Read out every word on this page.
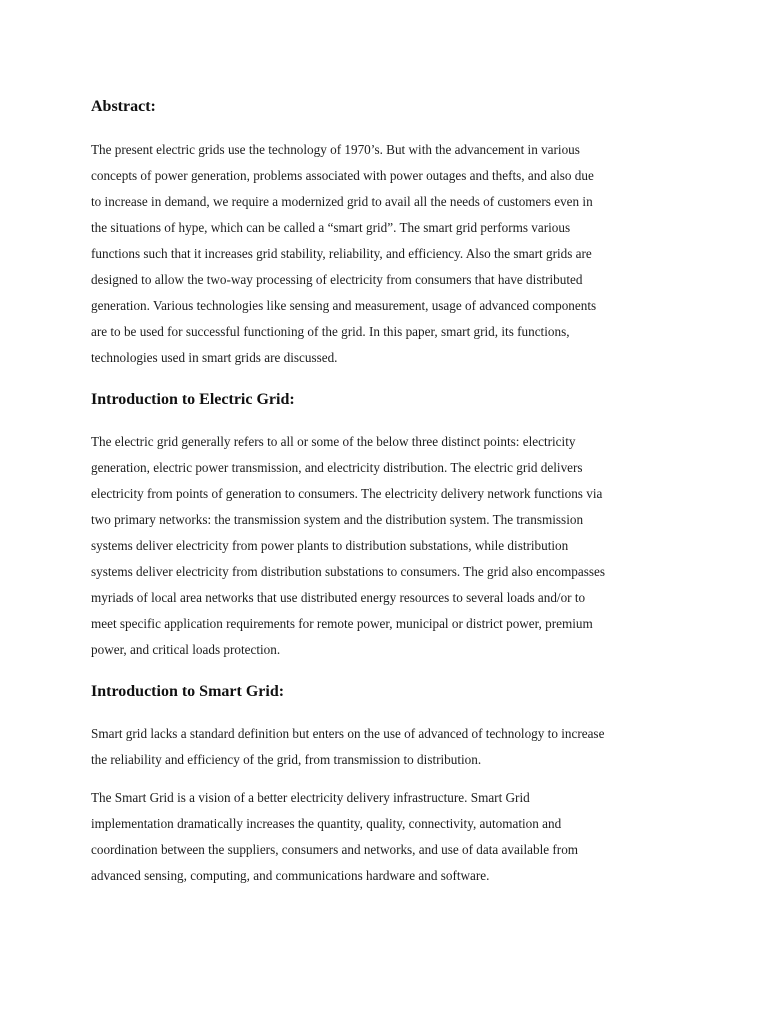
Abstract:

The present electric grids use the technology of 1970’s. But with the advancement in various
concepts of power generation, problems associated with power outages and thefts, and also due
to increase in demand, we require a modernized grid to avail all the needs of customers even in
the situations of hype, which can be called a “smart grid”. The smart grid performs various
functions such that it increases grid stability, reliability, and efficiency. Also the smart grids are
designed to allow the two-way processing of electricity from consumers that have distributed
generation. Various technologies like sensing and measurement, usage of advanced components
are to be used for successful functioning of the grid. In this paper, smart grid, its functions,
technologies used in smart grids are discussed.

Introduction to Electric Grid:

The electric grid generally refers to all or some of the below three distinct points: electricity
generation, electric power transmission, and electricity distribution. The electric grid delivers
electricity from points of generation to consumers. The electricity delivery network functions via
two primary networks: the transmission system and the distribution system. The transmission
systems deliver electricity from power plants to distribution substations, while distribution
systems deliver electricity from distribution substations to consumers. The grid also encompasses
myriads of local area networks that use distributed energy resources to several loads and/or to
meet specific application requirements for remote power, municipal or district power, premium
power, and critical loads protection.

Introduction to Smart Grid:

Smart grid lacks a standard definition but enters on the use of advanced of technology to increase
the reliability and efficiency of the grid, from transmission to distribution.

The Smart Grid is a vision of a better electricity delivery infrastructure. Smart Grid
implementation dramatically increases the quantity, quality, connectivity, automation and
coordination between the suppliers, consumers and networks, and use of data available from
advanced sensing, computing, and communications hardware and software.
